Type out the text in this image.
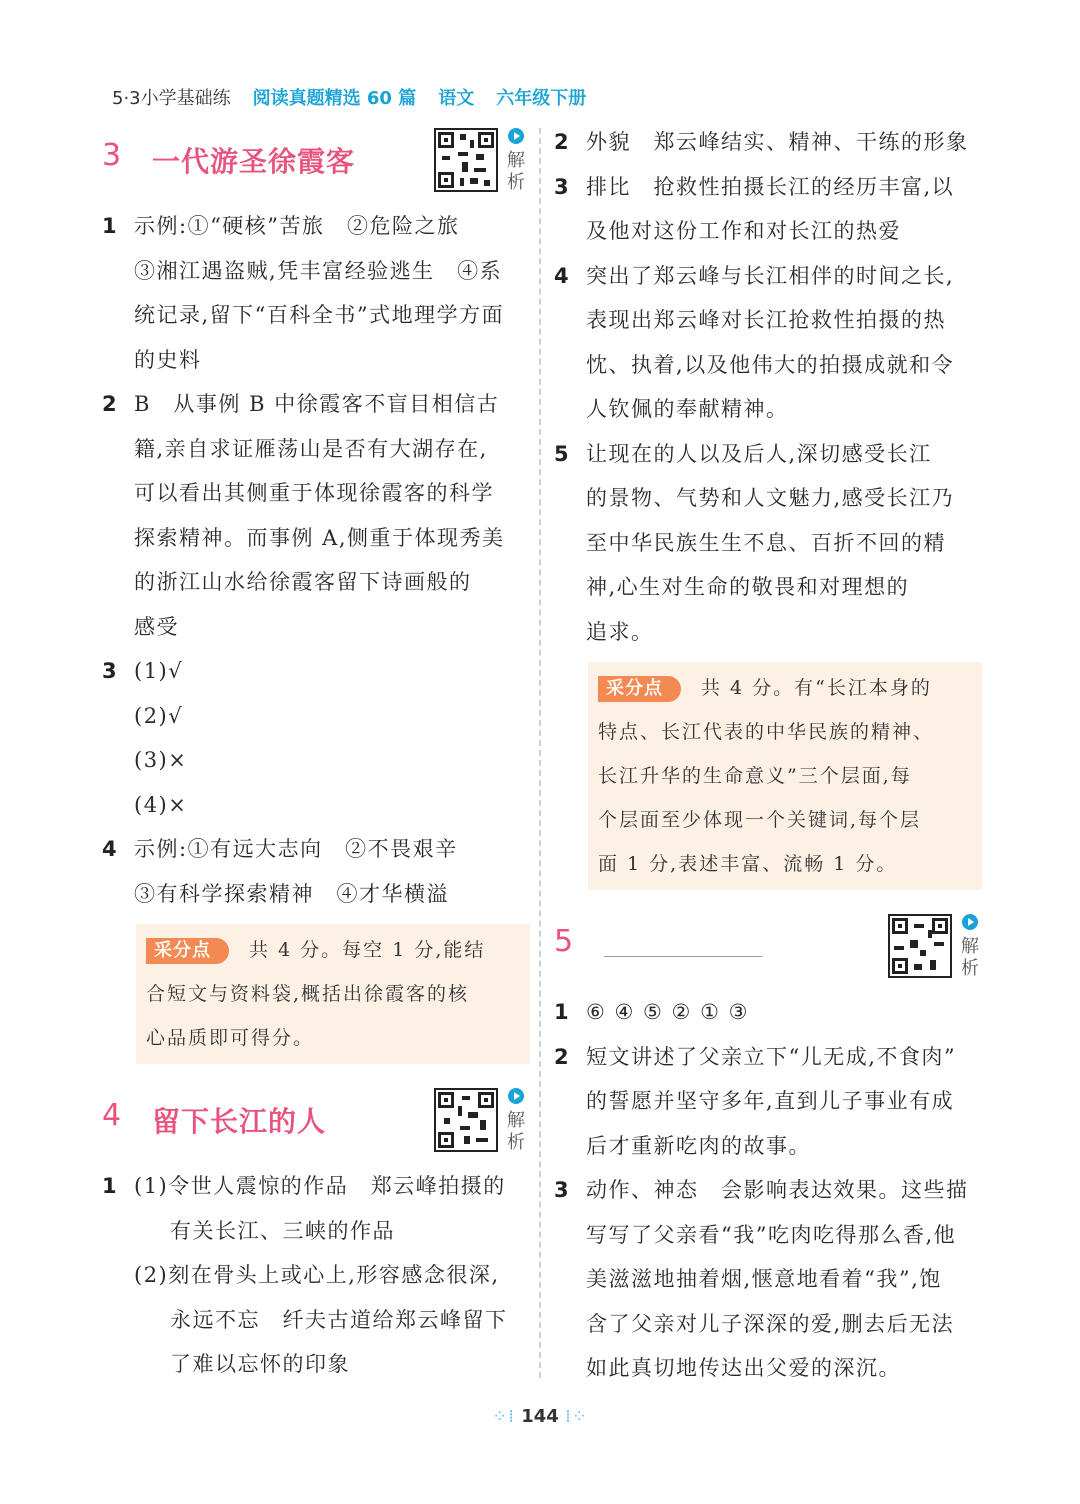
5·3小学基础练 阅读真题精选 60 篇 语文 六年级下册
3 一代游圣徐霞客	解析
1 示例:①“硬核”苦旅　②危险之旅
③湘江遇盗贼,凭丰富经验逃生　④系
统记录,留下“百科全书”式地理学方面
的史料
2 B　从事例 B 中徐霞客不盲目相信古
籍,亲自求证雁荡山是否有大湖存在,
可以看出其侧重于体现徐霞客的科学
探索精神。而事例 A,侧重于体现秀美
的浙江山水给徐霞客留下诗画般的
感受
3 (1)√
(2)√
(3)×
(4)×
4 示例:①有远大志向　②不畏艰辛
③有科学探索精神　④才华横溢
采分点 共 4 分。每空 1 分,能结
合短文与资料袋,概括出徐霞客的核
心品质即可得分。
4 留下长江的人	解析
1 (1)令世人震惊的作品　郑云峰拍摄的
有关长江、三峡的作品
(2)刻在骨头上或心上,形容感念很深,
永远不忘　纤夫古道给郑云峰留下
了难以忘怀的印象
2 外貌　郑云峰结实、精神、干练的形象
3 排比　抢救性拍摄长江的经历丰富,以
及他对这份工作和对长江的热爱
4 突出了郑云峰与长江相伴的时间之长,
表现出郑云峰对长江抢救性拍摄的热
忱、执着,以及他伟大的拍摄成就和令
人钦佩的奉献精神。
5 让现在的人以及后人,深切感受长江
的景物、气势和人文魅力,感受长江乃
至中华民族生生不息、百折不回的精
神,心生对生命的敬畏和对理想的
追求。
采分点 共 4 分。有“长江本身的
特点、长江代表的中华民族的精神、
长江升华的生命意义”三个层面,每
个层面至少体现一个关键词,每个层
面 1 分,表述丰富、流畅 1 分。
5	解析
1 ⑥ ④ ⑤ ② ① ③
2 短文讲述了父亲立下“儿无成,不食肉”
的誓愿并坚守多年,直到儿子事业有成
后才重新吃肉的故事。
3 动作、神态　会影响表达效果。这些描
写写了父亲看“我”吃肉吃得那么香,他
美滋滋地抽着烟,惬意地看着“我”,饱
含了父亲对儿子深深的爱,删去后无法
如此真切地传达出父爱的深沉。
⁘⁞ 144 ⁞⁘
